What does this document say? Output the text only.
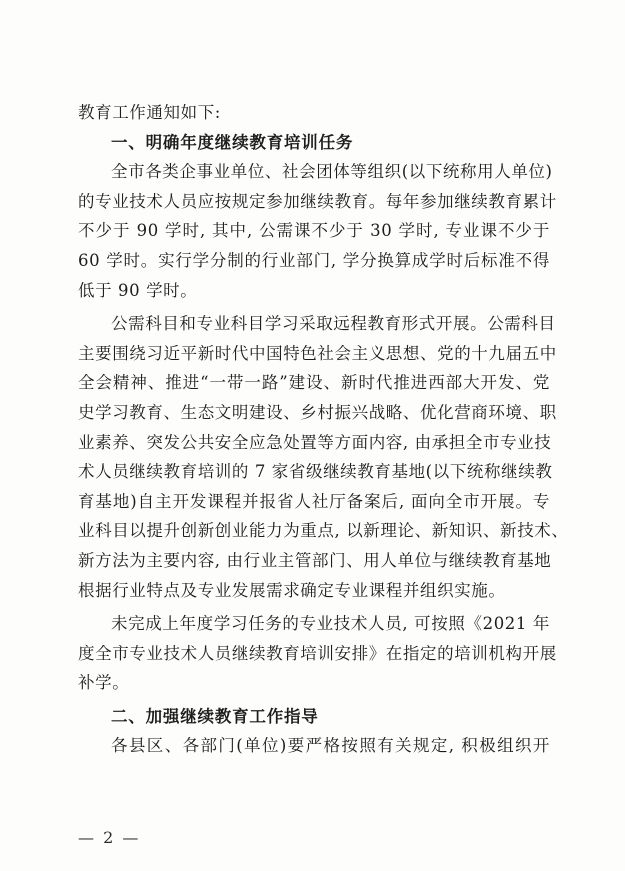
教育工作通知如下:
一、明确年度继续教育培训任务
全市各类企事业单位、社会团体等组织(以下统称用人单位)
的专业技术人员应按规定参加继续教育。每年参加继续教育累计
不少于 90 学时, 其中, 公需课不少于 30 学时, 专业课不少于
60 学时。实行学分制的行业部门, 学分换算成学时后标准不得
低于 90 学时。
公需科目和专业科目学习采取远程教育形式开展。公需科目
主要围绕习近平新时代中国特色社会主义思想、党的十九届五中
全会精神、推进“一带一路”建设、新时代推进西部大开发、党
史学习教育、生态文明建设、乡村振兴战略、优化营商环境、职
业素养、突发公共安全应急处置等方面内容, 由承担全市专业技
术人员继续教育培训的 7 家省级继续教育基地(以下统称继续教
育基地)自主开发课程并报省人社厅备案后, 面向全市开展。专
业科目以提升创新创业能力为重点, 以新理论、新知识、新技术、
新方法为主要内容, 由行业主管部门、用人单位与继续教育基地
根据行业特点及专业发展需求确定专业课程并组织实施。
未完成上年度学习任务的专业技术人员, 可按照《2021 年
度全市专业技术人员继续教育培训安排》在指定的培训机构开展
补学。
二、加强继续教育工作指导
各县区、各部门(单位)要严格按照有关规定, 积极组织开
— 2 —
